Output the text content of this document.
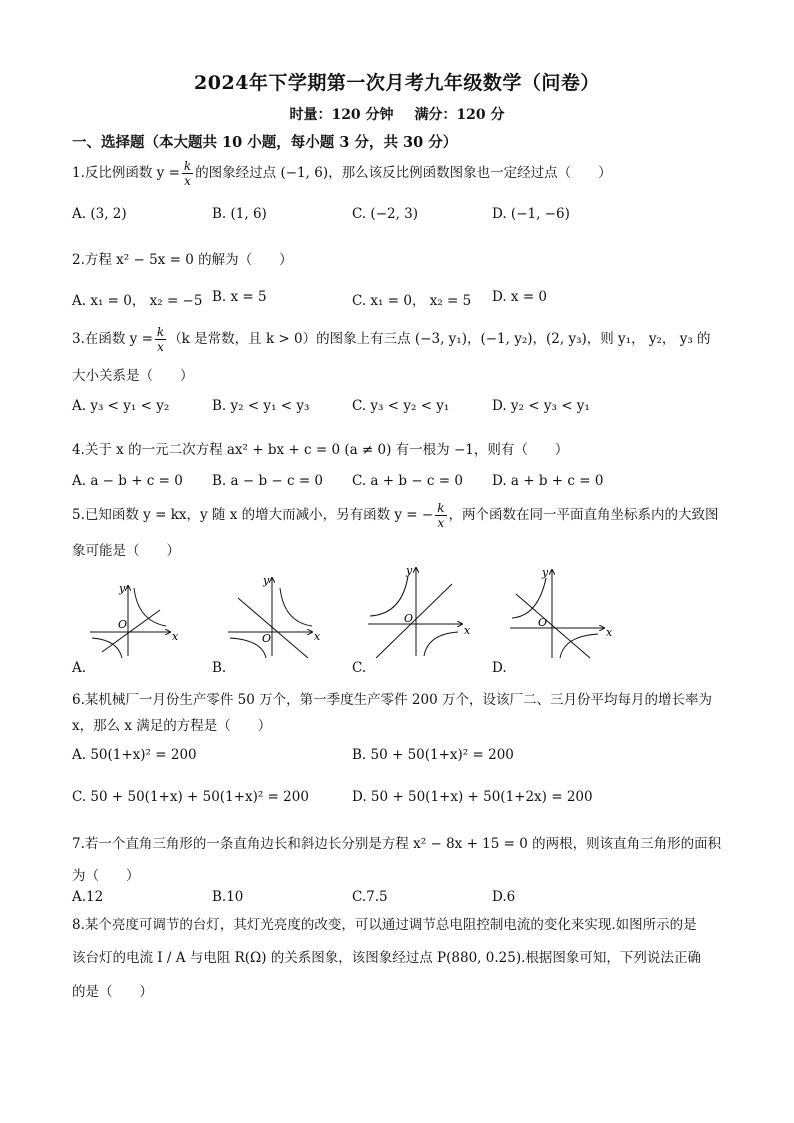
2024年下学期第一次月考九年级数学（问卷）
时量：120 分钟 满分：120 分
一、选择题（本大题共 10 小题，每小题 3 分，共 30 分）
1.反比例函数 $y = \frac{k}{x}$ 的图象经过点 (−1, 6)，那么该反比例函数图象也一定经过点（　　）
A. (3, 2)	B. (1, 6)	C. (−2, 3)	D. (−1, −6)
2.方程 x² − 5x = 0 的解为（　　）
A. x₁ = 0， x₂ = −5 B. x = 5	C. x₁ = 0， x₂ = 5 D. x = 0
3.在函数 $y = \frac{k}{x} (k$ 是常数，且 k > 0）的图象上有三点 (−3, y₁)，(−1, y₂)，(2, y₃)，则 y₁， y₂， y₃ 的
大小关系是（　　）
A. y₃ < y₁ < y₂	B. y₂ < y₁ < y₃	C. y₃ < y₂ < y₁	D. y₂ < y₃ < y₁
4.关于 x 的一元二次方程 ax² + bx + c = 0 (a ≠ 0) 有一根为 −1，则有（　　）
A. a − b + c = 0 B. a − b − c = 0 C. a + b − c = 0 D. a + b + c = 0
5.已知函数 y = kx，y 随 x 的增大而减小，另有函数 y = − $\frac{k}{x}$ ，两个函数在同一平面直角坐标系内的大致图
象可能是（　　）
x
y
O
A.
x
y
O
B.
x
y
O
C.
x
y
O
D.
6.某机械厂一月份生产零件 50 万个，第一季度生产零件 200 万个，设该厂二、三月份平均每月的增长率为
x，那么 x 满足的方程是（　　）
A. 50(1+x)² = 200	B. 50 + 50(1+x)² = 200
C. 50 + 50(1+x) + 50(1+x)² = 200	D. 50 + 50(1+x) + 50(1+2x) = 200
7.若一个直角三角形的一条直角边长和斜边长分别是方程 x² − 8x + 15 = 0 的两根，则该直角三角形的面积
为（　　）
A.12	B.10	C.7.5	D.6
8.某个亮度可调节的台灯，其灯光亮度的改变，可以通过调节总电阻控制电流的变化来实现.如图所示的是
该台灯的电流 I / A 与电阻 R(Ω) 的关系图象，该图象经过点 P(880, 0.25).根据图象可知，下列说法正确
的是（　　）
